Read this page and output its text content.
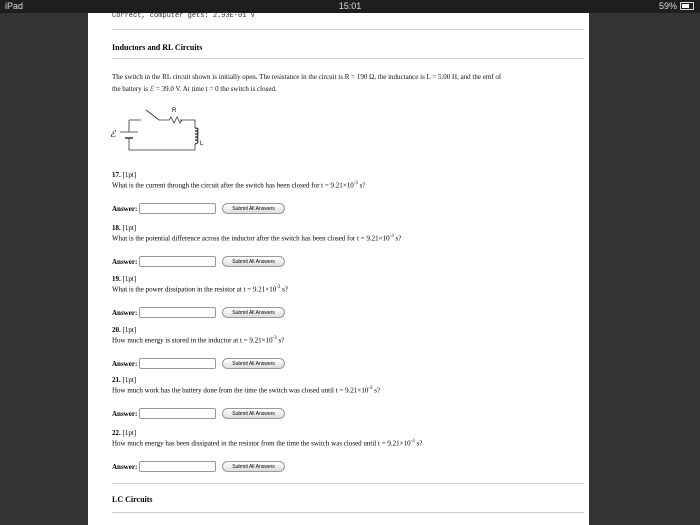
iPad	15:01	59%
Correct, computer gets: 2.93E-01 V
Inductors and RL Circuits
The switch in the RL circuit shown is initially open. The resistance in the circuit is R = 190 Ω, the inductance is L = 5.00 H, and the emf of
the battery is ℰ = 39.0 V. At time t = 0 the switch is closed.
ℰ
R
L
17. [1pt]
What is the current through the circuit after the switch has been closed for $t = 9.21\times 10^{-3}$ s?
Answer:	Submit All Answers
18. [1pt]
What is the potential difference across the inductor after the switch has been closed for $t = 9.21\times 10^{-3}$ s?
Answer:	Submit All Answers
19. [1pt]
What is the power dissipation in the resistor at $t = 9.21\times 10^{-3}$ s?
Answer:	Submit All Answers
20. [1pt]
How much energy is stored in the inductor at $t = 9.21\times 10^{-3}$ s?
Answer:	Submit All Answers
21. [1pt]
How much work has the battery done from the time the switch was closed until $t = 9.21\times 10^{-3}$ s?
Answer:	Submit All Answers
22. [1pt]
How much energy has been dissipated in the resistor from the time the switch was closed until $t = 9.21\times 10^{-3}$ s?
Answer:	Submit All Answers
LC Circuits
